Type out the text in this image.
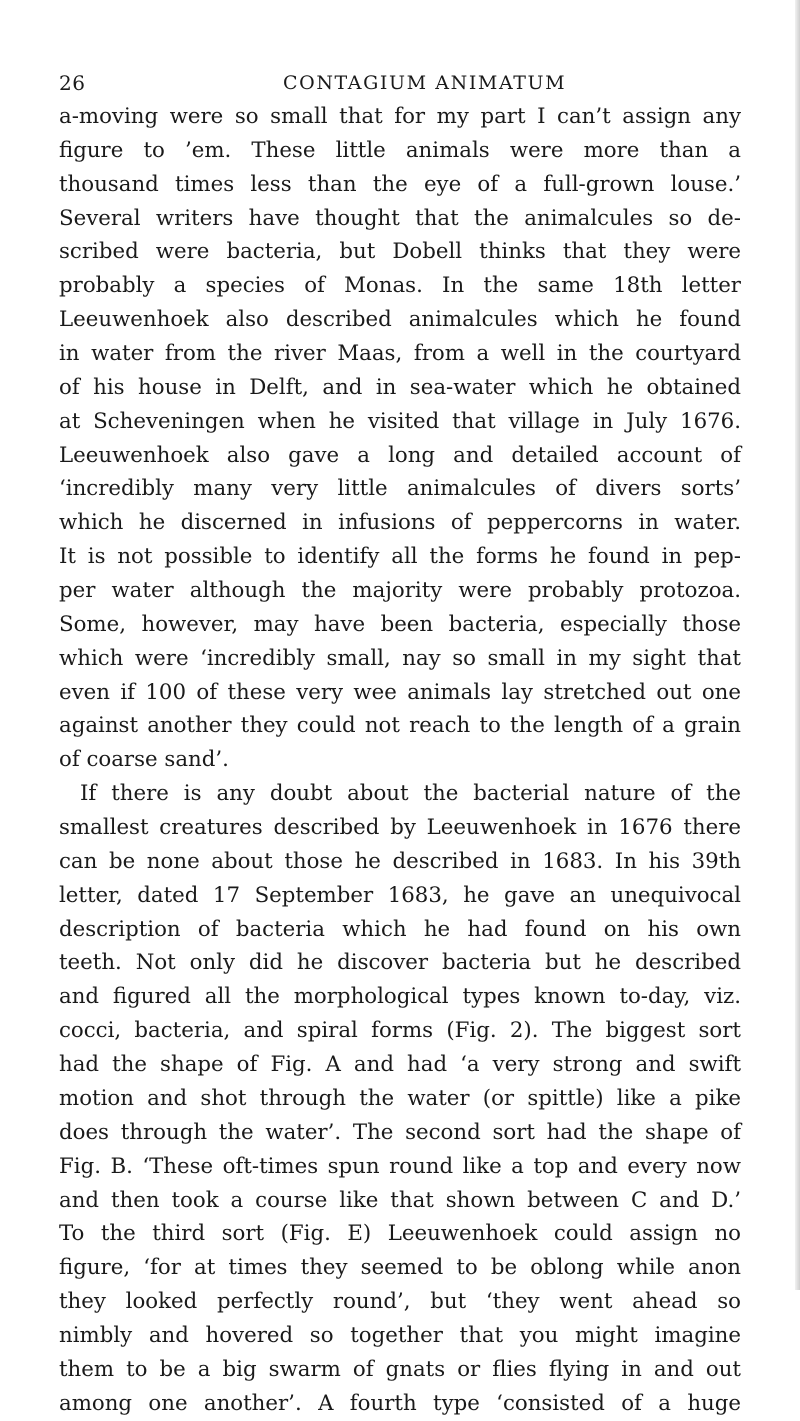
26	CONTAGIUM ANIMATUM
a-moving were so small that for my part I can’t assign any
figure to ’em. These little animals were more than a
thousand times less than the eye of a full-grown louse.’
Several writers have thought that the animalcules so de-
scribed were bacteria, but Dobell thinks that they were
probably a species of Monas. In the same 18th letter
Leeuwenhoek also described animalcules which he found
in water from the river Maas, from a well in the courtyard
of his house in Delft, and in sea-water which he obtained
at Scheveningen when he visited that village in July 1676.
Leeuwenhoek also gave a long and detailed account of
‘incredibly many very little animalcules of divers sorts’
which he discerned in infusions of peppercorns in water.
It is not possible to identify all the forms he found in pep-
per water although the majority were probably protozoa.
Some, however, may have been bacteria, especially those
which were ‘incredibly small, nay so small in my sight that
even if 100 of these very wee animals lay stretched out one
against another they could not reach to the length of a grain
of coarse sand’.
If there is any doubt about the bacterial nature of the
smallest creatures described by Leeuwenhoek in 1676 there
can be none about those he described in 1683. In his 39th
letter, dated 17 September 1683, he gave an unequivocal
description of bacteria which he had found on his own
teeth. Not only did he discover bacteria but he described
and figured all the morphological types known to-day, viz.
cocci, bacteria, and spiral forms (Fig. 2). The biggest sort
had the shape of Fig. A and had ‘a very strong and swift
motion and shot through the water (or spittle) like a pike
does through the water’. The second sort had the shape of
Fig. B. ‘These oft-times spun round like a top and every now
and then took a course like that shown between C and D.’
To the third sort (Fig. E) Leeuwenhoek could assign no
figure, ‘for at times they seemed to be oblong while anon
they looked perfectly round’, but ‘they went ahead so
nimbly and hovered so together that you might imagine
them to be a big swarm of gnats or flies flying in and out
among one another’. A fourth type ‘consisted of a huge
